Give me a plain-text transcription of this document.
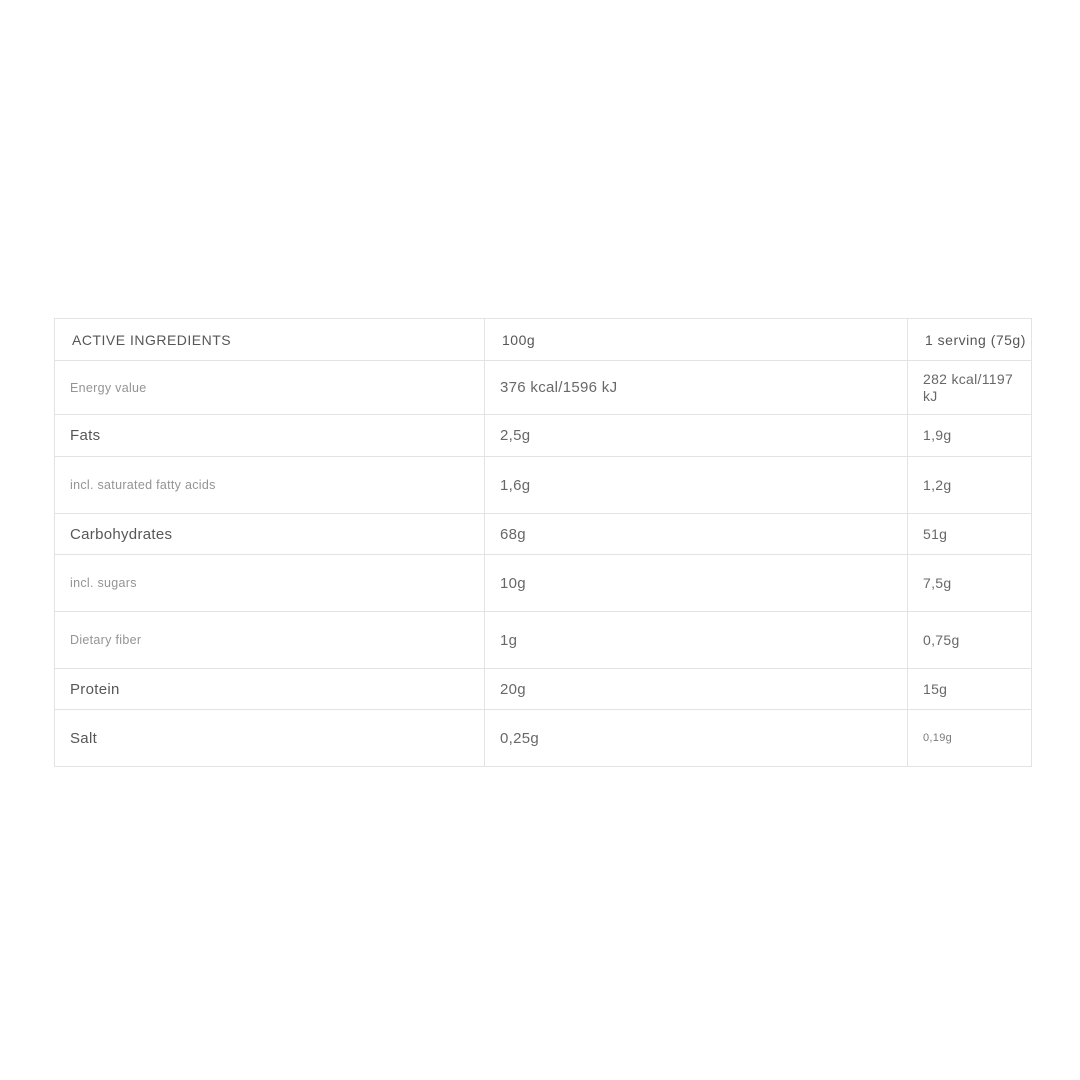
ACTIVE INGREDIENTS	100g	1 serving (75g)
Energy value	376 kcal/1596 kJ	282 kcal/1197 kJ
Fats	2,5g	1,9g
incl. saturated fatty acids	1,6g	1,2g
Carbohydrates	68g	51g
incl. sugars	10g	7,5g
Dietary fiber	1g	0,75g
Protein	20g	15g
Salt	0,25g	0,19g
